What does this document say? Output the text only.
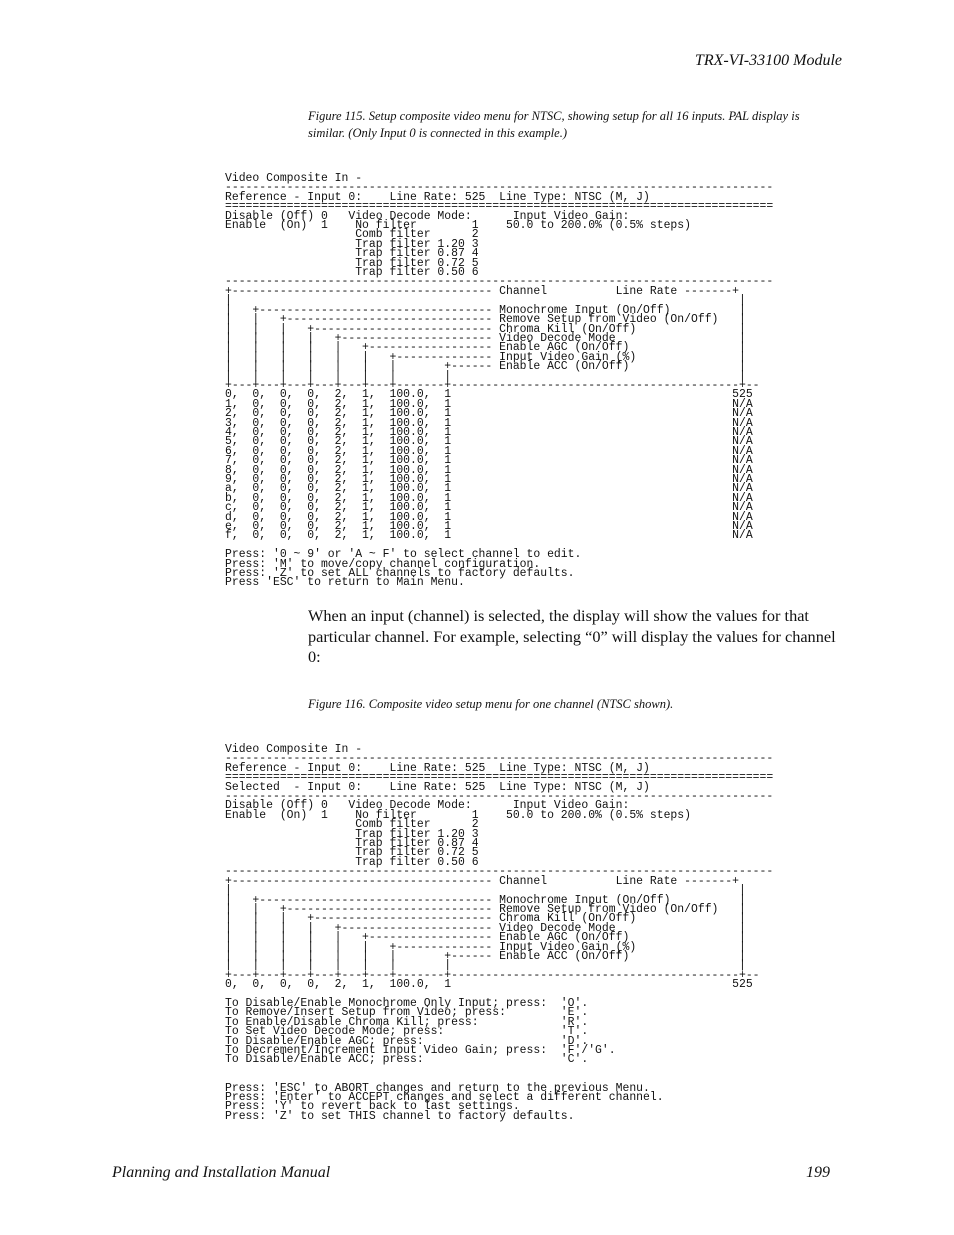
TRX-VI-33100 Module
Figure 115. Setup composite video menu for NTSC, showing setup for all 16 inputs. PAL display is similar. (Only Input 0 is connected in this example.)
Video Composite In -
--------------------------------------------------------------------------------
Reference - Input 0:    Line Rate: 525  Line Type: NTSC (M, J)
================================================================================
Disable (Off) 0   Video Decode Mode:      Input Video Gain:
Enable  (On)  1    No filter        1    50.0 to 200.0% (0.5% steps)
Comb filter      2
Trap filter 1.20 3
Trap filter 0.87 4
Trap filter 0.72 5
Trap filter 0.50 6
--------------------------------------------------------------------------------
+-------------------------------------- Channel          Line Rate -------+
|                                                                          |
|   +---------------------------------- Monochrome Input (On/Off)          |
|   |   +------------------------------ Remove Setup from Video (On/Off)   |
|   |   |   +-------------------------- Chroma Kill (On/Off)               |
|   |   |   |   +---------------------- Video Decode Mode                  |
|   |   |   |   |   +------------------ Enable AGC (On/Off)                |
|   |   |   |   |   |   +-------------- Input Video Gain (%)               |
|   |   |   |   |   |   |       +------ Enable ACC (On/Off)                |
|   |   |   |   |   |   |       |                                          |
+---+---+---+---+---+---+-------+------------------------------------------+--
0,  0,  0,  0,  2,  1,  100.0,  1                                         525
1,  0,  0,  0,  2,  1,  100.0,  1                                         N/A
2,  0,  0,  0,  2,  1,  100.0,  1                                         N/A
3,  0,  0,  0,  2,  1,  100.0,  1                                         N/A
4,  0,  0,  0,  2,  1,  100.0,  1                                         N/A
5,  0,  0,  0,  2,  1,  100.0,  1                                         N/A
6,  0,  0,  0,  2,  1,  100.0,  1                                         N/A
7,  0,  0,  0,  2,  1,  100.0,  1                                         N/A
8,  0,  0,  0,  2,  1,  100.0,  1                                         N/A
9,  0,  0,  0,  2,  1,  100.0,  1                                         N/A
a,  0,  0,  0,  2,  1,  100.0,  1                                         N/A
b,  0,  0,  0,  2,  1,  100.0,  1                                         N/A
c,  0,  0,  0,  2,  1,  100.0,  1                                         N/A
d,  0,  0,  0,  2,  1,  100.0,  1                                         N/A
e,  0,  0,  0,  2,  1,  100.0,  1                                         N/A
f,  0,  0,  0,  2,  1,  100.0,  1                                         N/A

Press: '0 ~ 9' or 'A ~ F' to select channel to edit.
Press: 'M' to move/copy channel configuration.
Press: 'Z' to set ALL channels to factory defaults.
Press 'ESC' to return to Main Menu.
When an input (channel) is selected, the display will show the values for that particular channel. For example, selecting “0” will display the values for channel 0:
Figure 116. Composite video setup menu for one channel (NTSC shown).
Video Composite In -
--------------------------------------------------------------------------------
Reference - Input 0:    Line Rate: 525  Line Type: NTSC (M, J)
================================================================================
Selected  - Input 0:    Line Rate: 525  Line Type: NTSC (M, J)
--------------------------------------------------------------------------------
Disable (Off) 0   Video Decode Mode:      Input Video Gain:
Enable  (On)  1    No filter        1    50.0 to 200.0% (0.5% steps)
Comb filter      2
Trap filter 1.20 3
Trap filter 0.87 4
Trap filter 0.72 5
Trap filter 0.50 6
--------------------------------------------------------------------------------
+-------------------------------------- Channel          Line Rate -------+
|                                                                          |
|   +---------------------------------- Monochrome Input (On/Off)          |
|   |   +------------------------------ Remove Setup from Video (On/Off)   |
|   |   |   +-------------------------- Chroma Kill (On/Off)               |
|   |   |   |   +---------------------- Video Decode Mode                  |
|   |   |   |   |   +------------------ Enable AGC (On/Off)                |
|   |   |   |   |   |   +-------------- Input Video Gain (%)               |
|   |   |   |   |   |   |       +------ Enable ACC (On/Off)                |
|   |   |   |   |   |   |       |                                          |
+---+---+---+---+---+---+-------+------------------------------------------+--
0,  0,  0,  0,  2,  1,  100.0,  1                                         525

To Disable/Enable Monochrome Only Input; press:  'O'.
To Remove/Insert Setup from Video; press:        'E'.
To Enable/Disable Chroma Kill; press:            'R'.
To Set Video Decode Mode; press:                 'T'.
To Disable/Enable AGC; press:                    'D'.
To Decrement/Increment Input Video Gain; press:  'F'/'G'.
To Disable/Enable ACC; press:                    'C'.

Press: 'ESC' to ABORT changes and return to the previous Menu.
Press: 'Enter' to ACCEPT changes and select a different channel.
Press: 'Y' to revert back to last settings.
Press: 'Z' to set THIS channel to factory defaults.
Planning and Installation Manual	199
